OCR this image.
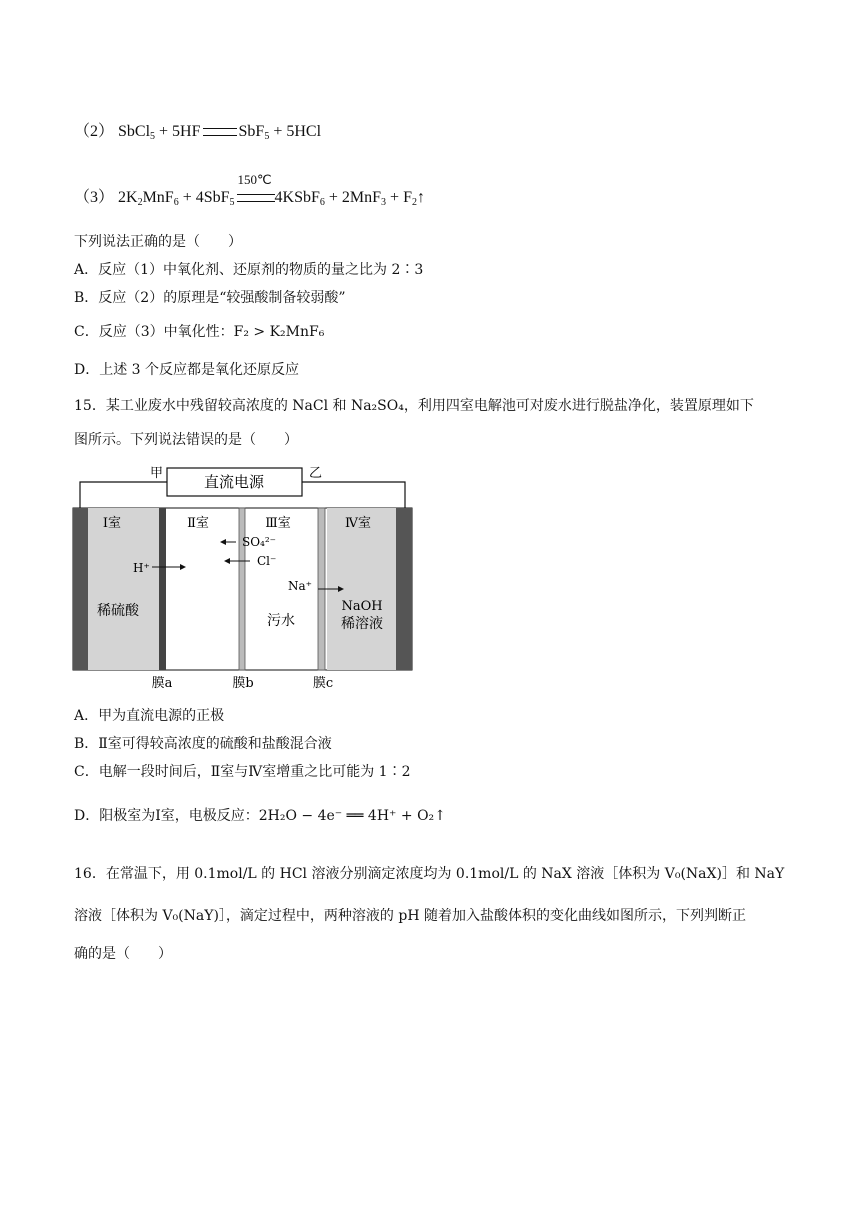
（2） SbCl$_5$ + 5HF SbF$_5$ + 5HCl
（3） $2K_2MnF_6 + 4SbF_5$
150℃
4KSbF$_6$ + $2MnF_3 + F_2↑$
下列说法正确的是（　　）
A．反应（1）中氧化剂、还原剂的物质的量之比为 2∶3
B．反应（2）的原理是“较强酸制备较弱酸”
C．反应（3）中氧化性：F₂ > K₂MnF₆
D．上述 3 个反应都是氧化还原反应
15．某工业废水中残留较高浓度的 NaCl 和 Na₂SO₄，利用四室电解池可对废水进行脱盐净化，装置原理如下
图所示。下列说法错误的是（　　）
直流电源
甲	乙
Ⅰ室	Ⅱ室	Ⅲ室	Ⅳ室
H⁺
SO₄²⁻
Cl⁻
Na⁺
稀硫酸
污水
NaOH
稀溶液
膜a	膜b	膜c
A．甲为直流电源的正极
B．Ⅱ室可得较高浓度的硫酸和盐酸混合液
C．电解一段时间后，Ⅱ室与Ⅳ室增重之比可能为 1∶2
D．阳极室为Ⅰ室，电极反应：2H₂O − 4e⁻ ══ 4H⁺ + O₂↑
16．在常温下，用 0.1mol/L 的 HCl 溶液分别滴定浓度均为 0.1mol/L 的 NaX 溶液［体积为 V₀(NaX)］和 NaY
溶液［体积为 V₀(NaY)］，滴定过程中，两种溶液的 pH 随着加入盐酸体积的变化曲线如图所示，下列判断正
确的是（　　）
